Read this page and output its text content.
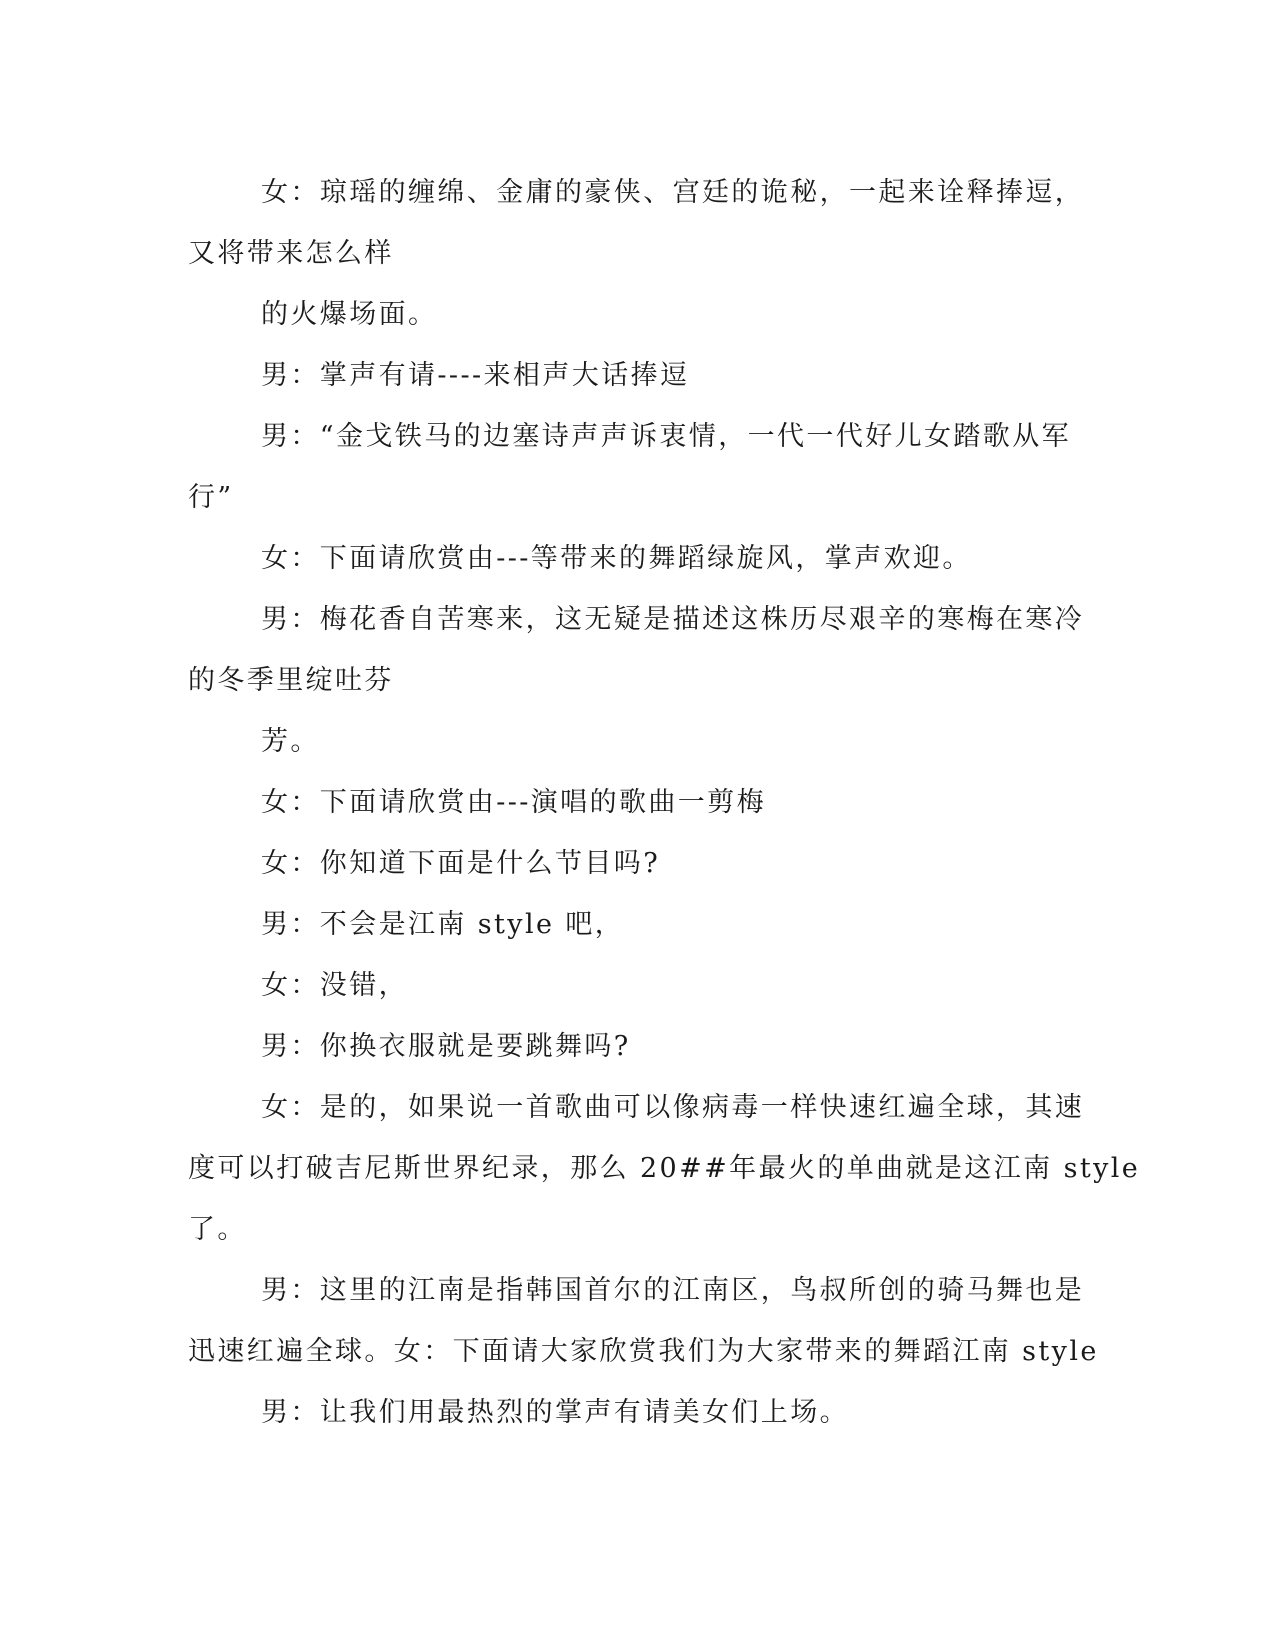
女：琼瑶的缠绵、金庸的豪侠、宫廷的诡秘，一起来诠释捧逗，

又将带来怎么样

的火爆场面。

男：掌声有请----来相声大话捧逗

男：“金戈铁马的边塞诗声声诉衷情，一代一代好儿女踏歌从军

行”

女：下面请欣赏由---等带来的舞蹈绿旋风，掌声欢迎。

男：梅花香自苦寒来，这无疑是描述这株历尽艰辛的寒梅在寒冷

的冬季里绽吐芬

芳。

女：下面请欣赏由---演唱的歌曲一剪梅

女：你知道下面是什么节目吗?

男：不会是江南 style 吧，

女：没错，

男：你换衣服就是要跳舞吗?

女：是的，如果说一首歌曲可以像病毒一样快速红遍全球，其速

度可以打破吉尼斯世界纪录，那么 20##年最火的单曲就是这江南 style

了。

男：这里的江南是指韩国首尔的江南区，鸟叔所创的骑马舞也是

迅速红遍全球。女：下面请大家欣赏我们为大家带来的舞蹈江南 style

男：让我们用最热烈的掌声有请美女们上场。
